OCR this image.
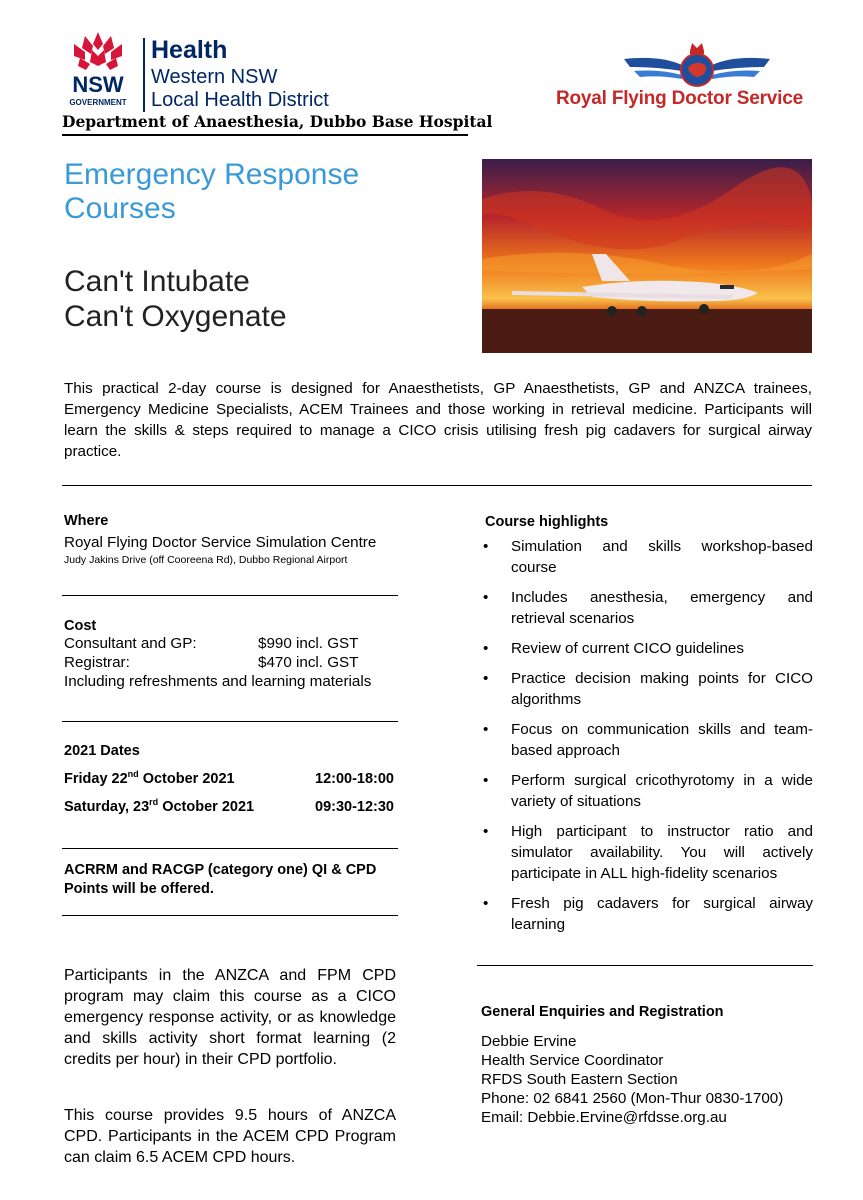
NSW
GOVERNMENT
Health
Western NSW
Local Health District
Department of Anaesthesia, Dubbo Base Hospital
Royal Flying Doctor Service
Emergency Response
Courses
Can't Intubate
Can't Oxygenate
This practical 2-day course is designed for Anaesthetists, GP Anaesthetists, GP and ANZCA trainees, Emergency Medicine Specialists, ACEM Trainees and those working in retrieval medicine. Participants will learn the skills & steps required to manage a CICO crisis utilising fresh pig cadavers for surgical airway practice.
Where
Royal Flying Doctor Service Simulation Centre
Judy Jakins Drive (off Cooreena Rd), Dubbo Regional Airport
Cost
Consultant and GP:	$990 incl. GST
Registrar:	$470 incl. GST
Including refreshments and learning materials
2021 Dates
Friday 22nd October 2021	12:00-18:00
Saturday, 23rd October 2021	09:30-12:30
ACRRM and RACGP (category one) QI & CPD Points will be offered.
Participants in the ANZCA and FPM CPD program may claim this course as a CICO emergency response activity, or as knowledge and skills activity short format learning (2 credits per hour) in their CPD portfolio.
This course provides 9.5 hours of ANZCA CPD. Participants in the ACEM CPD Program can claim 6.5 ACEM CPD hours.
Course highlights
•	Simulation and skills workshop-based course
•	Includes anesthesia, emergency and retrieval scenarios
•	Review of current CICO guidelines
•	Practice decision making points for CICO algorithms
•	Focus on communication skills and team-based approach
•	Perform surgical cricothyrotomy in a wide variety of situations
•	High participant to instructor ratio and simulator availability. You will actively participate in ALL high-fidelity scenarios
•	Fresh pig cadavers for surgical airway learning
General Enquiries and Registration
Debbie Ervine
Health Service Coordinator
RFDS South Eastern Section
Phone: 02 6841 2560 (Mon-Thur 0830-1700)
Email: Debbie.Ervine@rfdsse.org.au
